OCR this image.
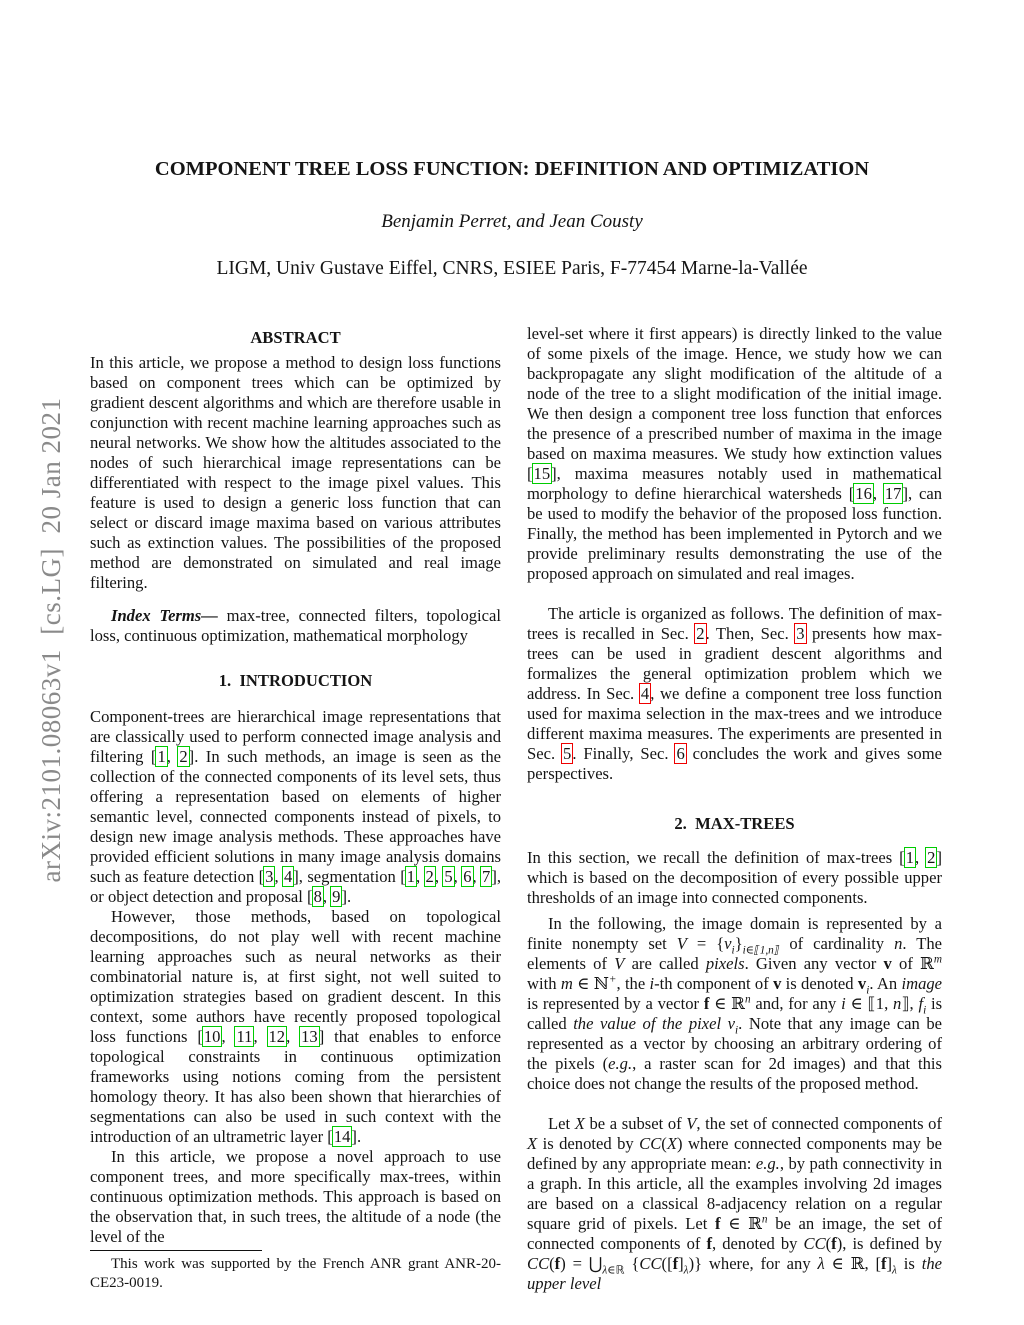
arXiv:2101.08063v1  [cs.LG]  20 Jan 2021
COMPONENT TREE LOSS FUNCTION: DEFINITION AND OPTIMIZATION
Benjamin Perret, and Jean Cousty
LIGM, Univ Gustave Eiffel, CNRS, ESIEE Paris, F-77454 Marne-la-Vallée
ABSTRACT

In this article, we propose a method to design loss functions based on component trees which can be optimized by gradient descent algorithms and which are therefore usable in conjunction with recent machine learning approaches such as neural networks. We show how the altitudes associated to the nodes of such hierarchical image representations can be differentiated with respect to the image pixel values. This feature is used to design a generic loss function that can select or discard image maxima based on various attributes such as extinction values. The possibilities of the proposed method are demonstrated on simulated and real image filtering.

Index Terms— max-tree, connected filters, topological loss, continuous optimization, mathematical morphology

1. INTRODUCTION

Component-trees are hierarchical image representations that are classically used to perform connected image analysis and filtering [1, 2]. In such methods, an image is seen as the collection of the connected components of its level sets, thus offering a representation based on elements of higher semantic level, connected components instead of pixels, to design new image analysis methods. These approaches have provided efficient solutions in many image analysis domains such as feature detection [3, 4], segmentation [1, 2, 5, 6, 7], or object detection and proposal [8, 9].

However, those methods, based on topological decompositions, do not play well with recent machine learning approaches such as neural networks as their combinatorial nature is, at first sight, not well suited to optimization strategies based on gradient descent. In this context, some authors have recently proposed topological loss functions [10, 11, 12, 13] that enables to enforce topological constraints in continuous optimization frameworks using notions coming from the persistent homology theory. It has also been shown that hierarchies of segmentations can also be used in such context with the introduction of an ultrametric layer [14].

In this article, we propose a novel approach to use component trees, and more specifically max-trees, within continuous optimization methods. This approach is based on the observation that, in such trees, the altitude of a node (the level of the

This work was supported by the French ANR grant ANR-20-CE23-0019.

level-set where it first appears) is directly linked to the value of some pixels of the image. Hence, we study how we can backpropagate any slight modification of the altitude of a node of the tree to a slight modification of the initial image. We then design a component tree loss function that enforces the presence of a prescribed number of maxima in the image based on maxima measures. We study how extinction values [15], maxima measures notably used in mathematical morphology to define hierarchical watersheds [16, 17], can be used to modify the behavior of the proposed loss function. Finally, the method has been implemented in Pytorch and we provide preliminary results demonstrating the use of the proposed approach on simulated and real images.

The article is organized as follows. The definition of max-trees is recalled in Sec. 2. Then, Sec. 3 presents how max-trees can be used in gradient descent algorithms and formalizes the general optimization problem which we address. In Sec. 4, we define a component tree loss function used for maxima selection in the max-trees and we introduce different maxima measures. The experiments are presented in Sec. 5. Finally, Sec. 6 concludes the work and gives some perspectives.

2. MAX-TREES

In this section, we recall the definition of max-trees [1, 2] which is based on the decomposition of every possible upper thresholds of an image into connected components.

In the following, the image domain is represented by a finite nonempty set $V = \{v_i\}_{i\in⟦1,n⟧}$ of cardinality n. The elements of V are called pixels. Given any vector v of ℝ$^m$ with m ∈ ℕ+, the i-th component of v is denoted $v_i$. An image is represented by a vector f ∈ ℝ$^n$ and, for any i ∈ ⟦1, n⟧, $f_i$ is called the value of the pixel $v_i$. Note that any image can be represented as a vector by choosing an arbitrary ordering of the pixels (e.g., a raster scan for 2d images) and that this choice does not change the results of the proposed method.

Let X be a subset of V, the set of connected components of X is denoted by CC(X) where connected components may be defined by any appropriate mean: e.g., by path connectivity in a graph. In this article, all the examples involving 2d images are based on a classical 8-adjacency relation on a regular square grid of pixels. Let f ∈ ℝ$^n$ be an image, the set of connected components of f, denoted by CC(f), is defined by $CC(f) = ⋃_{\lambda\in ℝ}$ $\{CC([f]_\lambda)\}$ where, for any λ ∈ ℝ, $[f]_\lambda$ is the upper level
